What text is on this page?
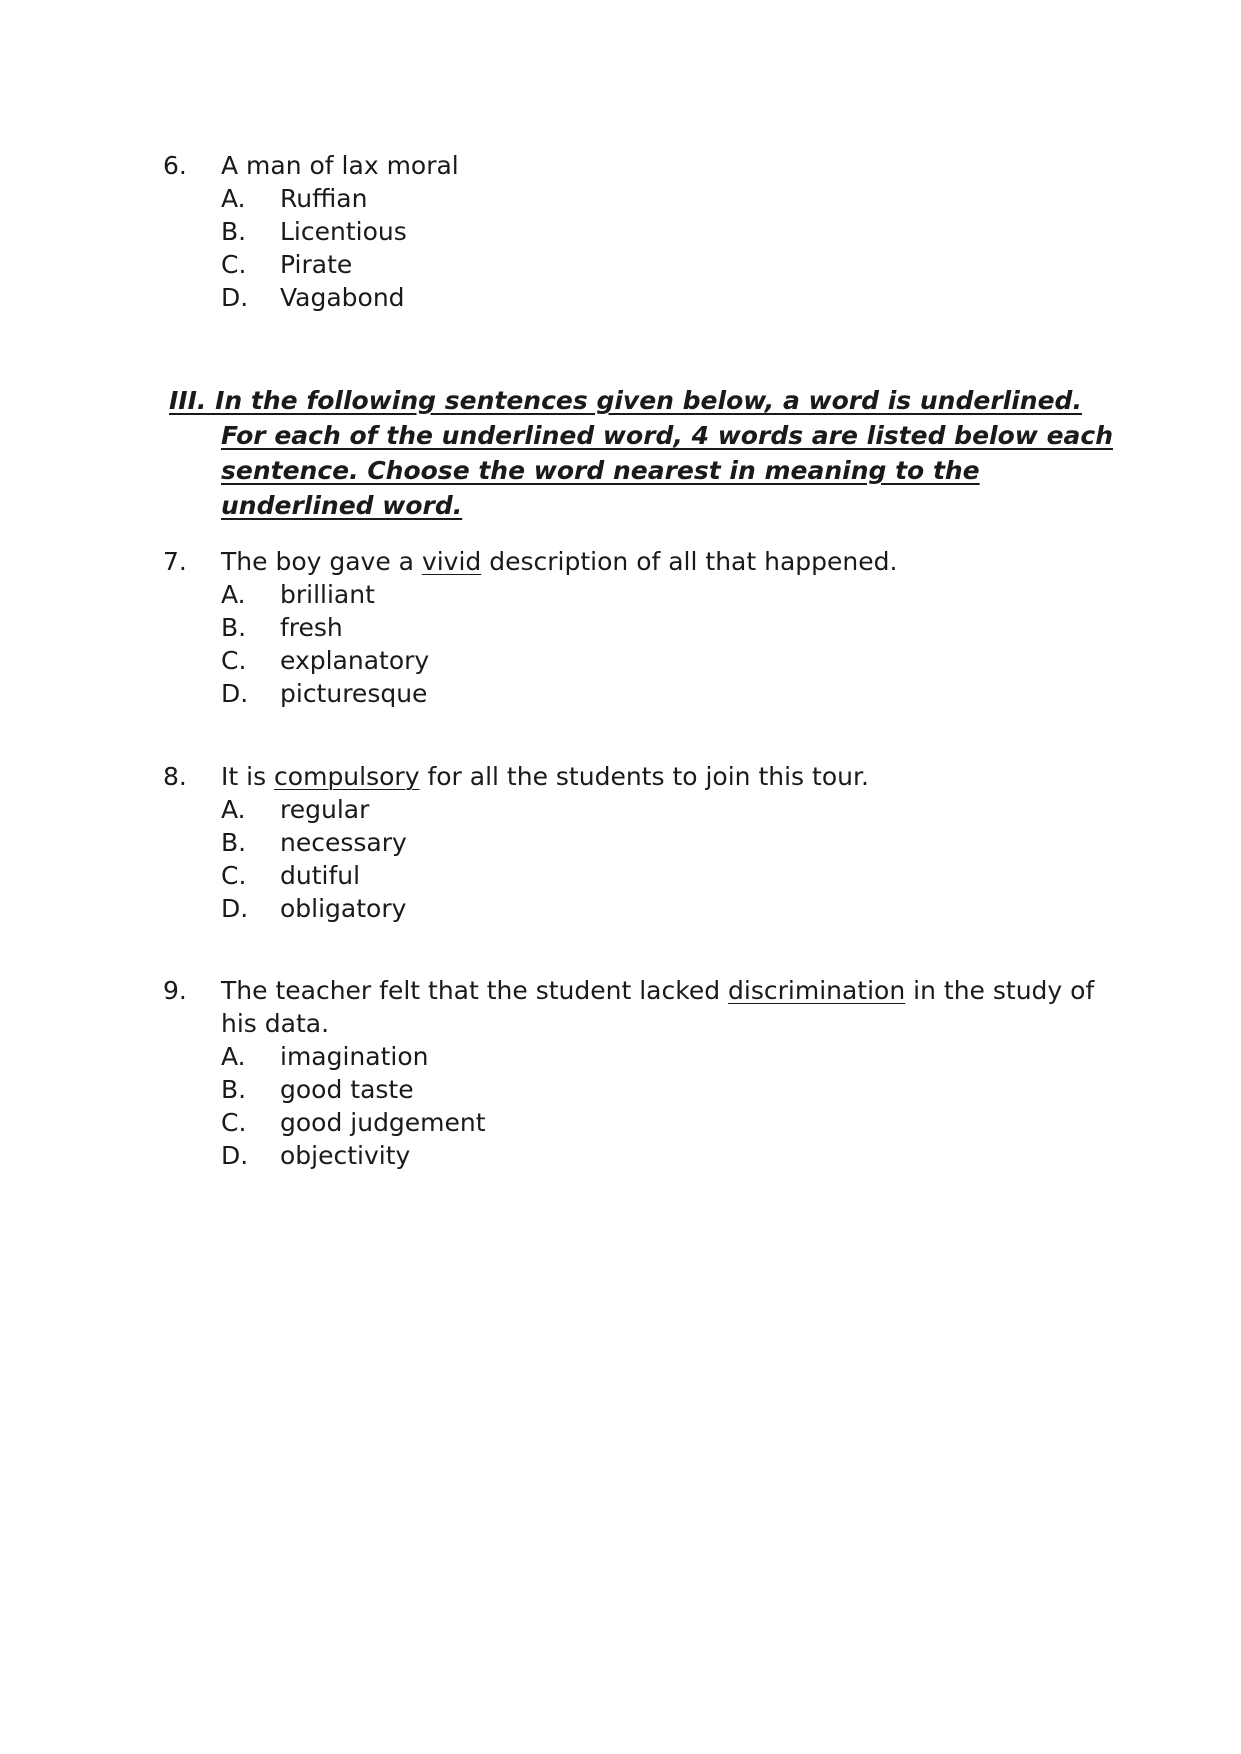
6. A man of lax moral
A. Ruffian
B. Licentious
C. Pirate
D. Vagabond
III. In the following sentences given below, a word is underlined.
For each of the underlined word, 4 words are listed below each
sentence. Choose the word nearest in meaning to the
underlined word.
7. The boy gave a vivid description of all that happened.
A. brilliant
B. fresh
C. explanatory
D. picturesque
8. It is compulsory for all the students to join this tour.
A. regular
B. necessary
C. dutiful
D. obligatory
9. The teacher felt that the student lacked discrimination in the study of
his data.
A. imagination
B. good taste
C. good judgement
D. objectivity
